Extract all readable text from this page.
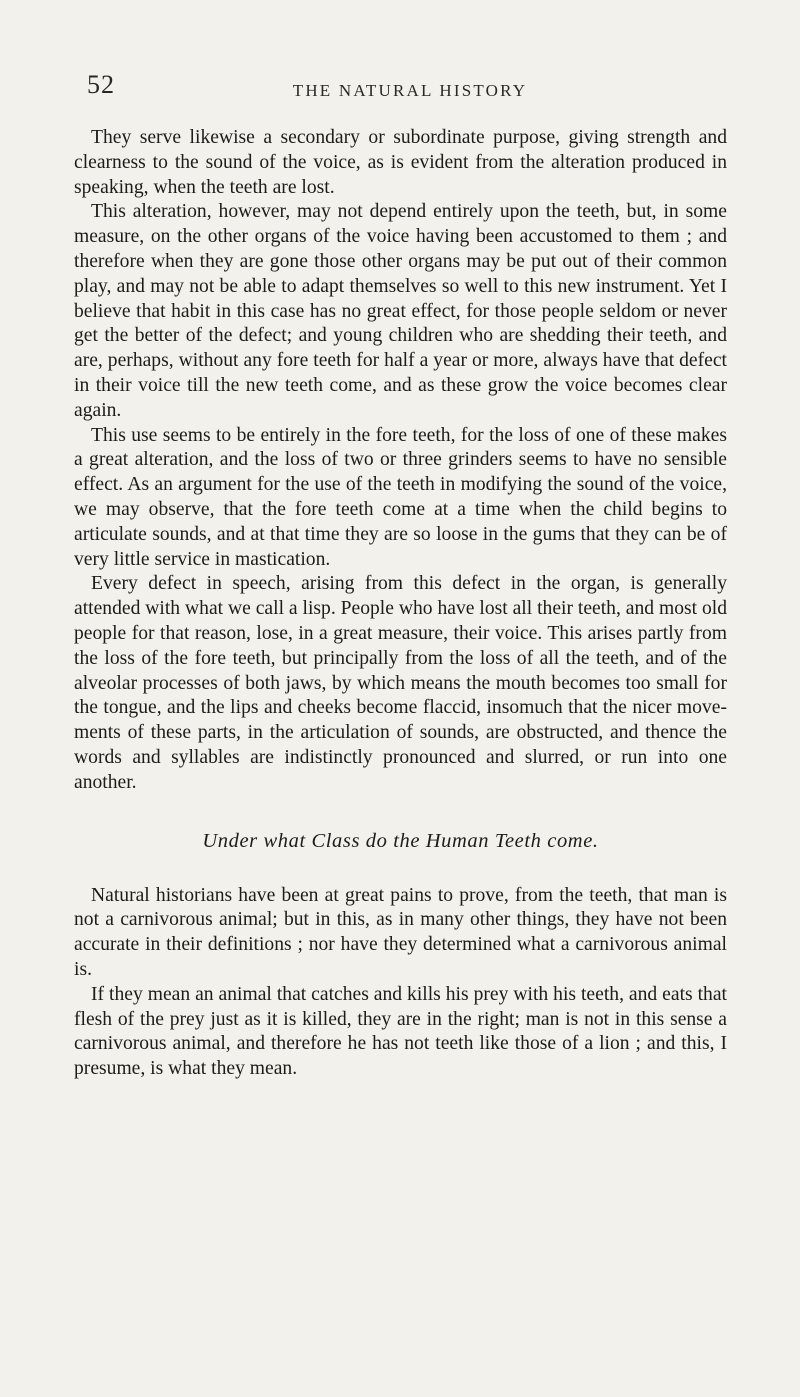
52	THE NATURAL HISTORY

They serve likewise a secondary or subordinate purpose, giving strength and clearness to the sound of the voice, as is evident from the alteration produced in speaking, when the teeth are lost.

This alteration, however, may not depend entirely upon the teeth, but, in some measure, on the other organs of the voice having been accustomed to them ; and therefore when they are gone those other organs may be put out of their common play, and may not be able to adapt themselves so well to this new instrument. Yet I believe that habit in this case has no great effect, for those people seldom or never get the better of the defect; and young children who are shedding their teeth, and are, perhaps, without any fore teeth for half a year or more, always have that defect in their voice till the new teeth come, and as these grow the voice becomes clear again.

This use seems to be entirely in the fore teeth, for the loss of one of these makes a great alteration, and the loss of two or three grinders seems to have no sensible effect. As an argument for the use of the teeth in modifying the sound of the voice, we may observe, that the fore teeth come at a time when the child begins to articulate sounds, and at that time they are so loose in the gums that they can be of very little service in mastication.

Every defect in speech, arising from this defect in the organ, is generally attended with what we call a lisp. People who have lost all their teeth, and most old people for that reason, lose, in a great measure, their voice. This arises partly from the loss of the fore teeth, but principally from the loss of all the teeth, and of the alveolar processes of both jaws, by which means the mouth becomes too small for the tongue, and the lips and cheeks become flaccid, insomuch that the nicer movements of these parts, in the articulation of sounds, are obstructed, and thence the words and syllables are indistinctly pronounced and slurred, or run into one another.

Under what Class do the Human Teeth come.

Natural historians have been at great pains to prove, from the teeth, that man is not a carnivorous animal; but in this, as in many other things, they have not been accurate in their definitions ; nor have they determined what a carnivorous animal is.

If they mean an animal that catches and kills his prey with his teeth, and eats that flesh of the prey just as it is killed, they are in the right; man is not in this sense a carnivorous animal, and therefore he has not teeth like those of a lion ; and this, I presume, is what they mean.
